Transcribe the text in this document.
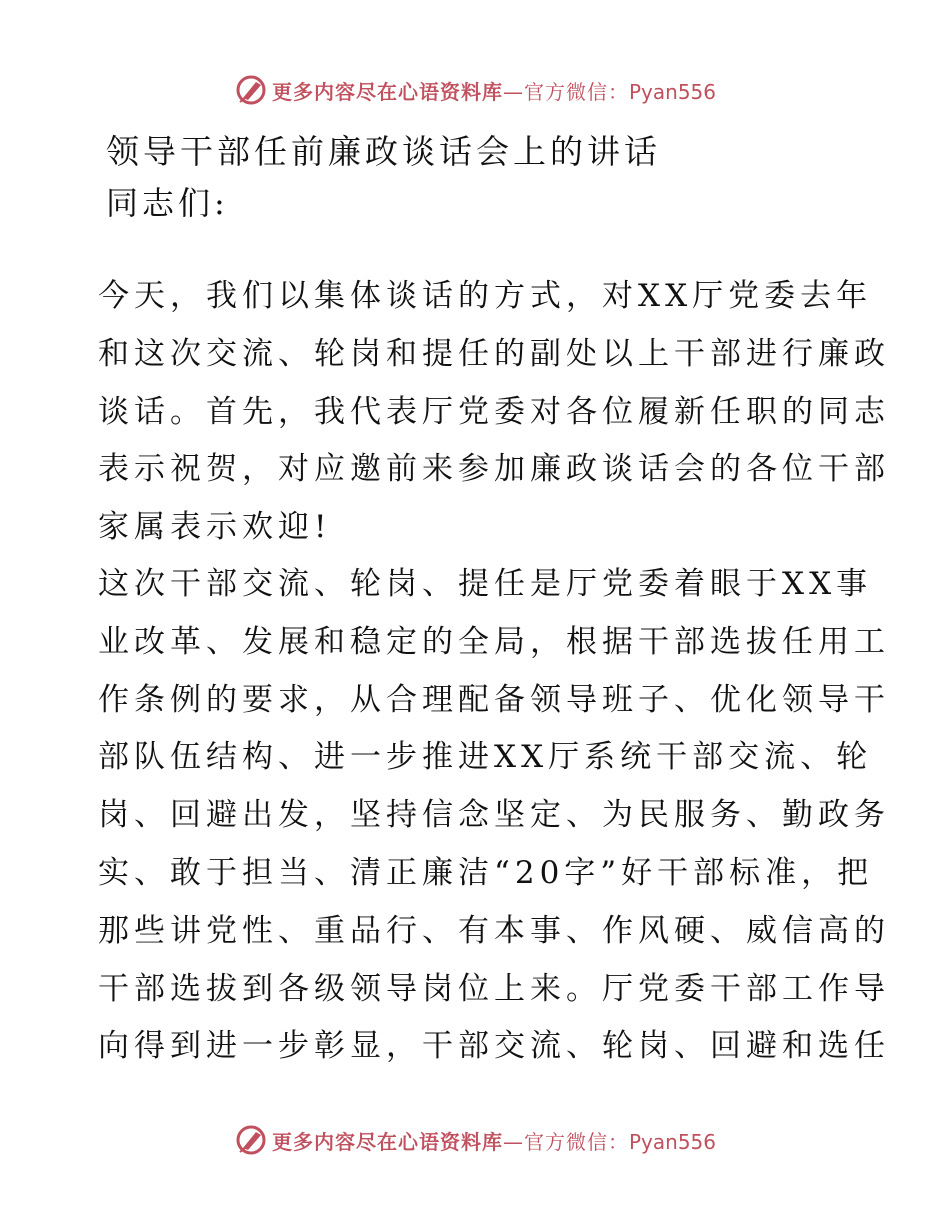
更多内容尽在心语资料库—官方微信：Pyan556
领导干部任前廉政谈话会上的讲话
同志们:
今天，我们以集体谈话的方式，对XX厅党委去年
和这次交流、轮岗和提任的副处以上干部进行廉政
谈话。首先，我代表厅党委对各位履新任职的同志
表示祝贺，对应邀前来参加廉政谈话会的各位干部
家属表示欢迎!
这次干部交流、轮岗、提任是厅党委着眼于XX事
业改革、发展和稳定的全局，根据干部选拔任用工
作条例的要求，从合理配备领导班子、优化领导干
部队伍结构、进一步推进XX厅系统干部交流、轮
岗、回避出发，坚持信念坚定、为民服务、勤政务
实、敢于担当、清正廉洁“20字”好干部标准，把
那些讲党性、重品行、有本事、作风硬、威信高的
干部选拔到各级领导岗位上来。厅党委干部工作导
向得到进一步彰显，干部交流、轮岗、回避和选任
更多内容尽在心语资料库—官方微信：Pyan556
